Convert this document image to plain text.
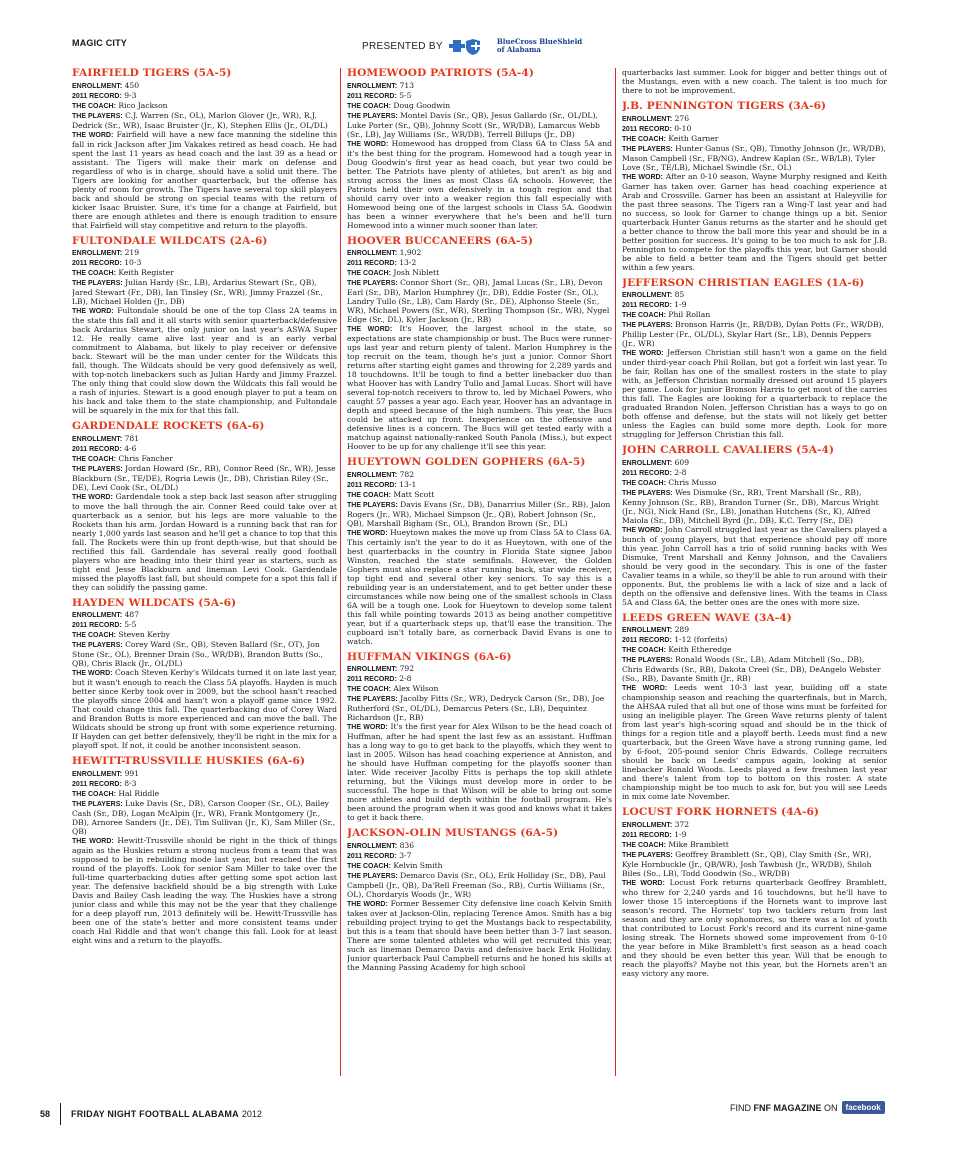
MAGIC CITY	PRESENTED BY	BlueCross BlueShield
of Alabama
FAIRFIELD TIGERS (5A-5)
ENROLLMENT: 450
2011 RECORD: 9-3
THE COACH: Rico Jackson
THE PLAYERS: C.J. Warren (Sr., OL), Marlon Glover (Jr., WR), R.J. Dedrick (Sr., WR), Isaac Bruister (Jr., K), Stephen Ellis (Jr., OL/DL)
THE WORD: Fairfield will have a new face manning the sideline this fall in rick Jackson after Jim Vakakes retired as head coach. He had spent the last 11 years as head coach and the last 39 as a head or assistant. The Tigers will make their mark on defense and regardless of who is in charge, should have a solid unit there. The Tigers are looking for another quarterback, but the offense has plenty of room for growth. The Tigers have several top skill players back and should be strong on special teams with the return of kicker Isaac Bruister. Sure, it's time for a change at Fairfield, but there are enough athletes and there is enough tradition to ensure that Fairfield will stay competitive and return to the playoffs.
FULTONDALE WILDCATS (2A-6)
ENROLLMENT: 219
2011 RECORD: 10-3
THE COACH: Keith Register
THE PLAYERS: Julian Hardy (Sr., LB), Ardarius Stewart (Sr., QB), Jared Stewart (Fr., DB), Ian Tinsley (Sr., WR), Jimmy Frazzel (Sr., LB), Michael Holden (Jr., DB)
THE WORD: Fultondale should be one of the top Class 2A teams in the state this fall and it all starts with senior quarterback/defensive back Ardarius Stewart, the only junior on last year's ASWA Super 12. He really came alive last year and is an early verbal commitment to Alabama, but likely to play receiver or defensive back. Stewart will be the man under center for the Wildcats this fall, though. The Wildcats should be very good defensively as well, with top-notch linebackers such as Julian Hardy and Jimmy Frazzel. The only thing that could slow down the Wildcats this fall would be a rash of injuries. Stewart is a good enough player to put a team on his back and take them to the state championship, and Fultondale will be squarely in the mix for that this fall.
GARDENDALE ROCKETS (6A-6)
ENROLLMENT: 781
2011 RECORD: 4-6
THE COACH: Chris Fancher
THE PLAYERS: Jordan Howard (Sr., RB), Connor Reed (Sr., WR), Jesse Blackburn (Sr., TE/DE), Rogria Lewis (Jr., DB), Christian Riley (Sr., DE), Levi Cook (Sr., OL/DL)
THE WORD: Gardendale took a step back last season after struggling to move the ball through the air. Conner Reed could take over at quarterback as a senior, but his legs are more valuable to the Rockets than his arm. Jordan Howard is a running back that ran for nearly 1,000 yards last season and he'll get a chance to top that this fall. The Rockets were thin up front depth-wise, but that should be rectified this fall. Gardendale has several really good football players who are heading into their third year as starters, such as tight end Jesse Blackburn and lineman Levi Cook. Gardendale missed the playoffs last fall, but should compete for a spot this fall if they can solidify the passing game.
HAYDEN WILDCATS (5A-6)
ENROLLMENT: 487
2011 RECORD: 5-5
THE COACH: Steven Kerby
THE PLAYERS: Corey Ward (Sr., QB), Steven Ballard (Sr., OT), Jon Stone (Sr., OL), Brenner Drain (So., WR/DB), Brandon Butts (So., QB), Chris Black (Jr., OL/DL)
THE WORD: Coach Steven Kerby's Wildcats turned it on late last year, but it wasn't enough to reach the Class 5A playoffs. Hayden is much better since Kerby took over in 2009, but the school hasn't reached the playoffs since 2004 and hasn't won a playoff game since 1992. That could change this fall. The quarterbacking duo of Corey Ward and Brandon Butts is more experienced and can move the ball. The Wildcats should be strong up front with some experience returning. If Hayden can get better defensively, they'll be right in the mix for a playoff spot. If not, it could be another inconsistent season.
HEWITT-TRUSSVILLE HUSKIES (6A-6)
ENROLLMENT: 991
2011 RECORD: 8-3
THE COACH: Hal Riddle
THE PLAYERS: Luke Davis (Sr., DB), Carson Cooper (Sr., OL), Bailey Cash (Sr., DB), Logan McAlpin (Jr., WR), Frank Montgomery (Jr., DB), Arnoree Sanders (Jr., DE), Tim Sullivan (Jr., K), Sam Miller (Sr., QB)
THE WORD: Hewitt-Trussville should be right in the thick of things again as the Huskies return a strong nucleus from a team that was supposed to be in rebuilding mode last year, but reached the first round of the playoffs. Look for senior Sam Miller to take over the full-time quarterbacking duties after getting some spot action last year. The defensive backfield should be a big strength with Luke Davis and Bailey Cash leading the way. The Huskies have a strong junior class and while this may not be the year that they challenge for a deep playoff run, 2013 definitely will be. Hewitt-Trussville has been one of the state's better and more consistent teams under coach Hal Riddle and that won't change this fall. Look for at least eight wins and a return to the playoffs.
HOMEWOOD PATRIOTS (5A-4)
ENROLLMENT: 713
2011 RECORD: 5-5
THE COACH: Doug Goodwin
THE PLAYERS: Montel Davis (Sr., QB), Jesus Gallardo (Sr., OL/DL), Luke Porter (Sr., QB), Johnny Scott (Sr., WR/DB), Lamarcus Webb (Sr., LB), Jay Williams (Sr., WR/DB), Terrell Billups (Jr., DB)
THE WORD: Homewood has dropped from Class 6A to Class 5A and it's the best thing for the program. Homewood had a tough year in Doug Goodwin's first year as head coach, but year two could be better. The Patriots have plenty of athletes, but aren't as big and strong across the lines as most Class 6A schools. However, the Patriots held their own defensively in a tough region and that should carry over into a weaker region this fall especially with Homewood being one of the largest schools in Class 5A. Goodwin has been a winner everywhere that he's been and he'll turn Homewood into a winner much sooner than later.
HOOVER BUCCANEERS (6A-5)
ENROLLMENT: 1,902
2011 RECORD: 13-2
THE COACH: Josh Niblett
THE PLAYERS: Connor Short (Sr., QB), Jamal Lucas (Sr., LB), Devon Earl (Sr., DB), Marlon Humphrey (Jr., DB), Eddie Foster (Sr., OL), Landry Tullo (Sr., LB), Cam Hardy (Sr., DE), Alphonso Steele (Sr., WR), Michael Powers (Sr., WR), Sterling Thompson (Sr., WR), Nygel Edge (Sr., DL), Kyler Jackson (Jr., RB)
THE WORD: It's Hoover, the largest school in the state, so expectations are state championship or bust. The Bucs were runner-ups last year and return plenty of talent. Marlon Humphrey is the top recruit on the team, though he's just a junior. Connor Short returns after starting eight games and throwing for 2,289 yards and 18 touchdowns. It'll be tough to find a better linebacker duo than what Hoover has with Landry Tullo and Jamal Lucas. Short will have several top-notch receivers to throw to, led by Michael Powers, who caught 57 passes a year ago. Each year, Hoover has an advantage in depth and speed because of the high numbers. This year, the Bucs could be attacked up front. Inexperience on the offensive and defensive lines is a concern. The Bucs will get tested early with a matchup against nationally-ranked South Panola (Miss.), but expect Hoover to be up for any challenge it'll see this year.
HUEYTOWN GOLDEN GOPHERS (6A-5)
ENROLLMENT: 782
2011 RECORD: 13-1
THE COACH: Matt Scott
THE PLAYERS: Davis Evans (Sr., DB), Danarrius Miller (Sr., RB), Jalon Rogers (Jr., WR), Michael Simpson (Jr., QB), Robert Johnson (Sr., QB), Marshall Bigham (Sr., OL), Brandon Brown (Sr., DL)
THE WORD: Hueytown makes the move up from Class 5A to Class 6A. This certainly isn't the year to do it as Hueytown, with one of the best quarterbacks in the country in Florida State signee Jaboo Winston, reached the state semifinals. However, the Golden Gophers must also replace a star running back, star wide receiver, top tight end and several other key seniors. To say this is a rebuilding year is an understatement, and to get better under these circumstances while now being one of the smallest schools in Class 6A will be a tough one. Look for Hueytown to develop some talent this fall while pointing towards 2013 as being another competitive year, but if a quarterback steps up, that'll ease the transition. The cupboard isn't totally bare, as cornerback David Evans is one to watch.
HUFFMAN VIKINGS (6A-6)
ENROLLMENT: 792
2011 RECORD: 2-8
THE COACH: Alex Wilson
THE PLAYERS: Jacolby Fitts (Sr., WR), Dedryck Carson (Sr., DB), Joe Rutherford (Sr., OL/DL), Demarcus Peters (Sr., LB), Dequintez Richardson (Jr., RB)
THE WORD: It's the first year for Alex Wilson to be the head coach of Huffman, after he had spent the last few as an assistant. Huffman has a long way to go to get back to the playoffs, which they went to last in 2005. Wilson has head coaching experience at Anniston, and he should have Huffman competing for the playoffs sooner than later. Wide receiver Jacolby Fitts is perhaps the top skill athlete returning, but the Vikings must develop more in order to be successful. The hope is that Wilson will be able to bring out some more athletes and build depth within the football program. He's been around the program when it was good and knows what it takes to get it back there.
JACKSON-OLIN MUSTANGS (6A-5)
ENROLLMENT: 836
2011 RECORD: 3-7
THE COACH: Kelvin Smith
THE PLAYERS: Demarco Davis (Sr., OL), Erik Holliday (Sr., DB), Paul Campbell (Jr., QB), Da'Rell Freeman (So., RB), Curtis Williams (Sr., OL), Chordaryis Woods (Jr., WR)
THE WORD: Former Bessemer City defensive line coach Kelvin Smith takes over at Jackson-Olin, replacing Terence Amos. Smith has a big rebuilding project trying to get the Mustangs back to respectability, but this is a team that should have been better than 3-7 last season. There are some talented athletes who will get recruited this year, such as lineman Demarco Davis and defensive back Erik Holliday. Junior quarterback Paul Campbell returns and he honed his skills at the Manning Passing Academy for high school
quarterbacks last summer. Look for bigger and better things out of the Mustangs, even with a new coach. The talent is too much for there to not be improvement.
J.B. PENNINGTON TIGERS (3A-6)
ENROLLMENT: 276
2011 RECORD: 0-10
THE COACH: Keith Garner
THE PLAYERS: Hunter Ganus (Sr., QB), Timothy Johnson (Jr., WR/DB), Mason Campbell (Sr., FB/NG), Andrew Kaplan (Sr., WB/LB), Tyler Love (Sr., TE/LB), Michael Swindle (Sr., OL)
THE WORD: After an 0-10 season, Wayne Murphy resigned and Keith Garner has taken over. Garner has head coaching experience at Arab and Crossville. Garner has been an assistant at Haleyville for the past three seasons. The Tigers ran a Wing-T last year and had no success, so look for Garner to change things up a bit. Senior quarterback Hunter Ganus returns as the starter and he should get a better chance to throw the ball more this year and should be in a better position for success. It's going to be too much to ask for J.B. Pennington to compete for the playoffs this year, but Garner should be able to field a better team and the Tigers should get better within a few years.
JEFFERSON CHRISTIAN EAGLES (1A-6)
ENROLLMENT: 85
2011 RECORD: 1-9
THE COACH: Phil Rollan
THE PLAYERS: Bronson Harris (Jr., RB/DB), Dylan Potts (Fr., WR/DB), Phillip Lester (Fr., OL/DL), Skylar Hart (Sr., LB), Dennis Peppers (Jr., WR)
THE WORD: Jefferson Christian still hasn't won a game on the field under third-year coach Phil Rollan, but got a forfeit win last year. To be fair, Rollan has one of the smallest rosters in the state to play with, as Jefferson Christian normally dressed out around 15 players per game. Look for junior Bronson Harris to get most of the carries this fall. The Eagles are looking for a quarterback to replace the graduated Brandon Nolen. Jefferson Christian has a ways to go on both offense and defense, but the stats will not likely get better unless the Eagles can build some more depth. Look for more struggling for Jefferson Christian this fall.
JOHN CARROLL CAVALIERS (5A-4)
ENROLLMENT: 609
2011 RECORD: 2-8
THE COACH: Chris Musso
THE PLAYERS: Wes Dismuke (Sr., RB), Trent Marshall (Sr., RB), Kenny Johnson (Sr., RB), Brandon Turner (Sr., DB), Marcus Wright (Jr., NG), Nick Hand (Sr., LB), Jonathan Hutchens (Sr., K), Alfred Maiola (Sr., DB), Mitchell Byrd (Jr., DB), K.C. Terry (Sr., DE)
THE WORD: John Carroll struggled last year as the Cavaliers played a bunch of young players, but that experience should pay off more this year. John Carroll has a trio of solid running backs with Wes Dismuke, Trent Marshall and Kenny Johnson, and the Cavaliers should be very good in the secondary. This is one of the faster Cavalier teams in a while, so they'll be able to run around with their opponents. But, the problems lie with a lack of size and a lack of depth on the offensive and defensive lines. With the teams in Class 5A and Class 6A, the better ones are the ones with more size.
LEEDS GREEN WAVE (3A-4)
ENROLLMENT: 289
2011 RECORD: 1-12 (forfeits)
THE COACH: Keith Etheredge
THE PLAYERS: Ronald Woods (Sr., LB), Adam Mitchell (So., DB), Chris Edwards (Sr., RB), Dakota Creel (Sr., DB), DeAngelo Webster (So., RB), Davante Smith (Jr., RB)
THE WORD: Leeds went 10-3 last year, building off a state championship season and reaching the quarterfinals, but in March, the AHSAA ruled that all but one of those wins must be forfeited for using an ineligible player. The Green Wave returns plenty of talent from last year's high-scoring squad and should be in the thick of things for a region title and a playoff berth. Leeds must find a new quarterback, but the Green Wave have a strong running game, led by 6-foot, 205-pound senior Chris Edwards. College recruiters should be back on Leeds' campus again, looking at senior linebacker Ronald Woods. Leeds played a few freshmen last year and there's talent from top to bottom on this roster. A state championship might be too much to ask for, but you will see Leeds in mix come late November.
LOCUST FORK HORNETS (4A-6)
ENROLLMENT: 372
2011 RECORD: 1-9
THE COACH: Mike Bramblett
THE PLAYERS: Geoffrey Bramblett (Sr., QB), Clay Smith (Sr., WR), Kyle Hornbuckle (Jr., QB/WR), Josh Tawbush (Jr., WR/DB), Shiloh Biles (So., LB), Todd Goodwin (So., WR/DB)
THE WORD: Locust Fork returns quarterback Geoffrey Bramblett, who threw for 2,240 yards and 16 touchdowns, but he'll have to lower those 15 interceptions if the Hornets want to improve last season's record. The Hornets' top two tacklers return from last season and they are only sophomores, so there was a lot of youth that contributed to Locust Fork's record and its current nine-game losing streak. The Hornets showed some improvement from 0-10 the year before in Mike Bramblett's first season as a head coach and they should be even better this year. Will that be enough to reach the playoffs? Maybe not this year, but the Hornets aren't an easy victory any more.
58 FRIDAY NIGHT FOOTBALL ALABAMA 2012
FIND
FNF MAGAZINE
ON	facebook
